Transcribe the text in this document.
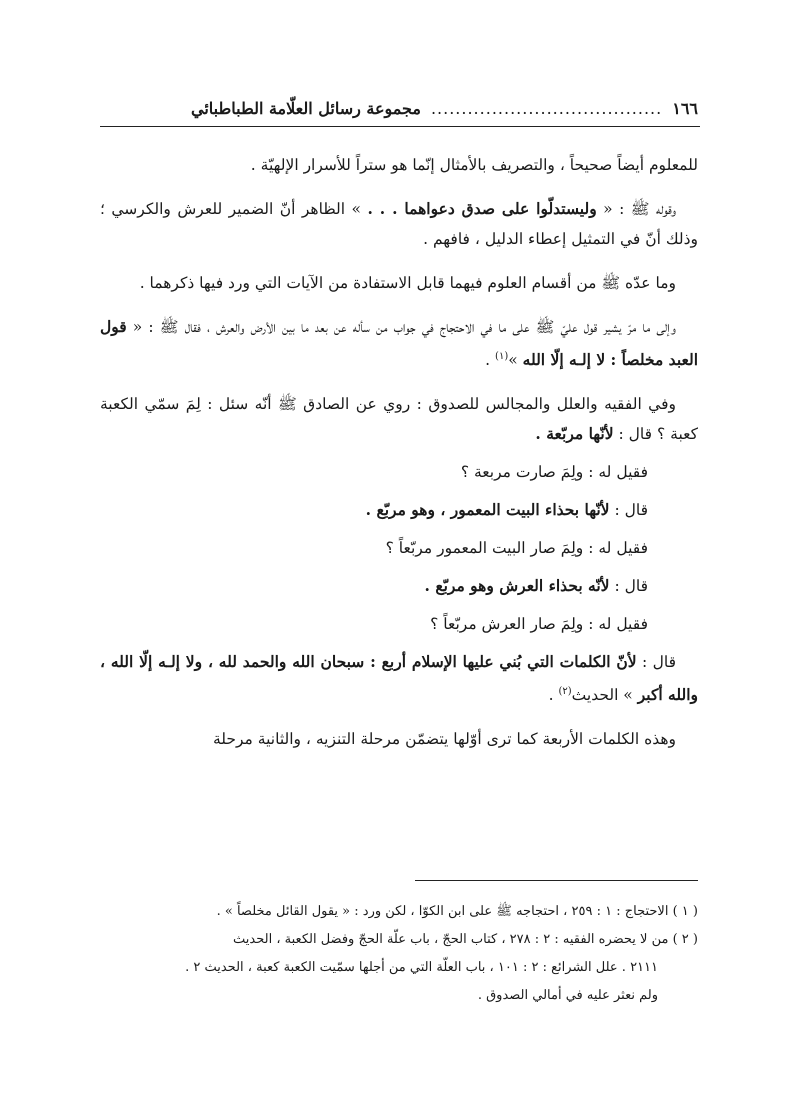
١٦٦
......................................
مجموعة رسائل العلّامة الطباطبائي

للمعلوم أيضاً صحيحاً ، والتصريف بالأمثال إنّما هو ستراً للأسرار الإلهيّة .

وقوله ﷺ : « وليستدلّوا على صدق دعواهما . . . » الظاهر أنّ الضمير للعرش والكرسي ؛ وذلك أنّ في التمثيل إعطاء الدليل ، فافهم .

وما عدّه ﷺ من أقسام العلوم فيهما قابل الاستفادة من الآيات التي ورد فيها ذكرهما .

وإلى ما مرّ يشير قول عليّ ﷺ على ما في الاحتجاج في جواب من سأله عن بعد ما بين الأرض والعرش ، فقال ﷺ : « قول العبد مخلصاً : لا إلـه إلّا الله »$^{(١)}$ .

وفي الفقيه والعلل والمجالس للصدوق : روي عن الصادق ﷺ أنّه سئل : لِمَ سمّي الكعبة كعبة ؟ قال : لأنّها مربّعة .

فقيل له : ولِمَ صارت مربعة ؟

قال : لأنّها بحذاء البيت المعمور ، وهو مربّع .

فقيل له : ولِمَ صار البيت المعمور مربّعاً ؟

قال : لأنّه بحذاء العرش وهو مربّع .

فقيل له : ولِمَ صار العرش مربّعاً ؟

قال : لأنّ الكلمات التي بُني عليها الإسلام أربع : سبحان الله والحمد لله ، ولا إلـه إلّا الله ، والله أكبر » الحديث$^{(٢)}$ .

وهذه الكلمات الأربعة كما ترى أوّلها يتضمّن مرحلة التنزيه ، والثانية مرحلة

( ١ ) الاحتجاج : ١ : ٢٥٩ ، احتجاجه ﷺ على ابن الكوّا ، لكن ورد : « يقول القائل مخلصاً » .

( ٢ ) من لا يحضره الفقيه : ٢ : ٢٧٨ ، كتاب الحجّ ، باب علّة الحجّ وفضل الكعبة ، الحديث

٢١١١ . علل الشرائع : ٢ : ١٠١ ، باب العلّة التي من أجلها سمّيت الكعبة كعبة ، الحديث ٢ .

ولم نعثر عليه في أمالي الصدوق .
